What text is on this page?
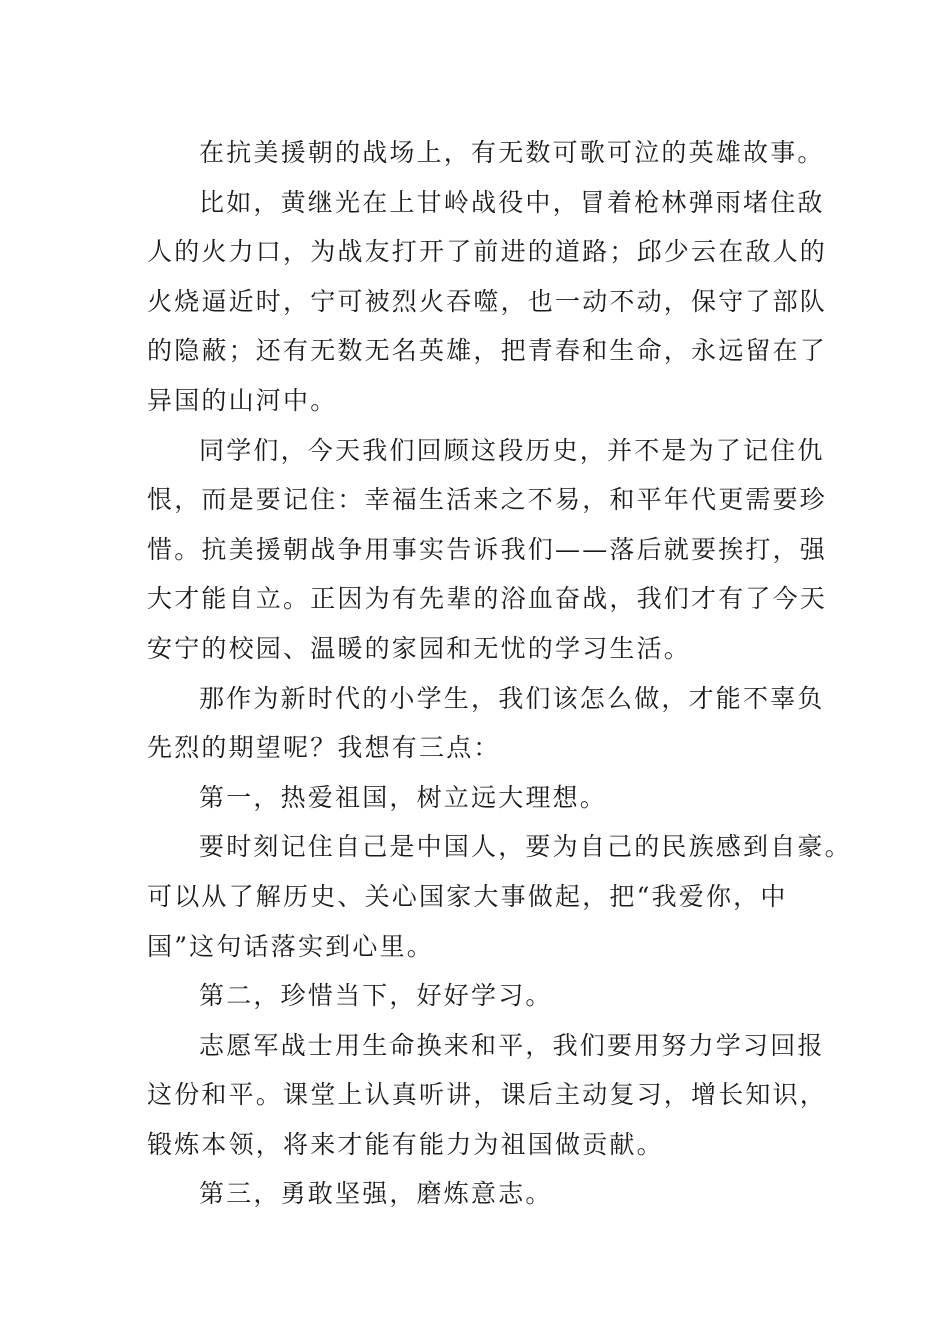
在抗美援朝的战场上，有无数可歌可泣的英雄故事。
比如，黄继光在上甘岭战役中，冒着枪林弹雨堵住敌
人的火力口，为战友打开了前进的道路；邱少云在敌人的
火烧逼近时，宁可被烈火吞噬，也一动不动，保守了部队
的隐蔽；还有无数无名英雄，把青春和生命，永远留在了
异国的山河中。
同学们，今天我们回顾这段历史，并不是为了记住仇
恨，而是要记住：幸福生活来之不易，和平年代更需要珍
惜。抗美援朝战争用事实告诉我们——落后就要挨打，强
大才能自立。正因为有先辈的浴血奋战，我们才有了今天
安宁的校园、温暖的家园和无忧的学习生活。
那作为新时代的小学生，我们该怎么做，才能不辜负
先烈的期望呢？我想有三点：
第一，热爱祖国，树立远大理想。
要时刻记住自己是中国人，要为自己的民族感到自豪。
可以从了解历史、关心国家大事做起，把“我爱你，中
国”这句话落实到心里。
第二，珍惜当下，好好学习。
志愿军战士用生命换来和平，我们要用努力学习回报
这份和平。课堂上认真听讲，课后主动复习，增长知识，
锻炼本领，将来才能有能力为祖国做贡献。
第三，勇敢坚强，磨炼意志。
